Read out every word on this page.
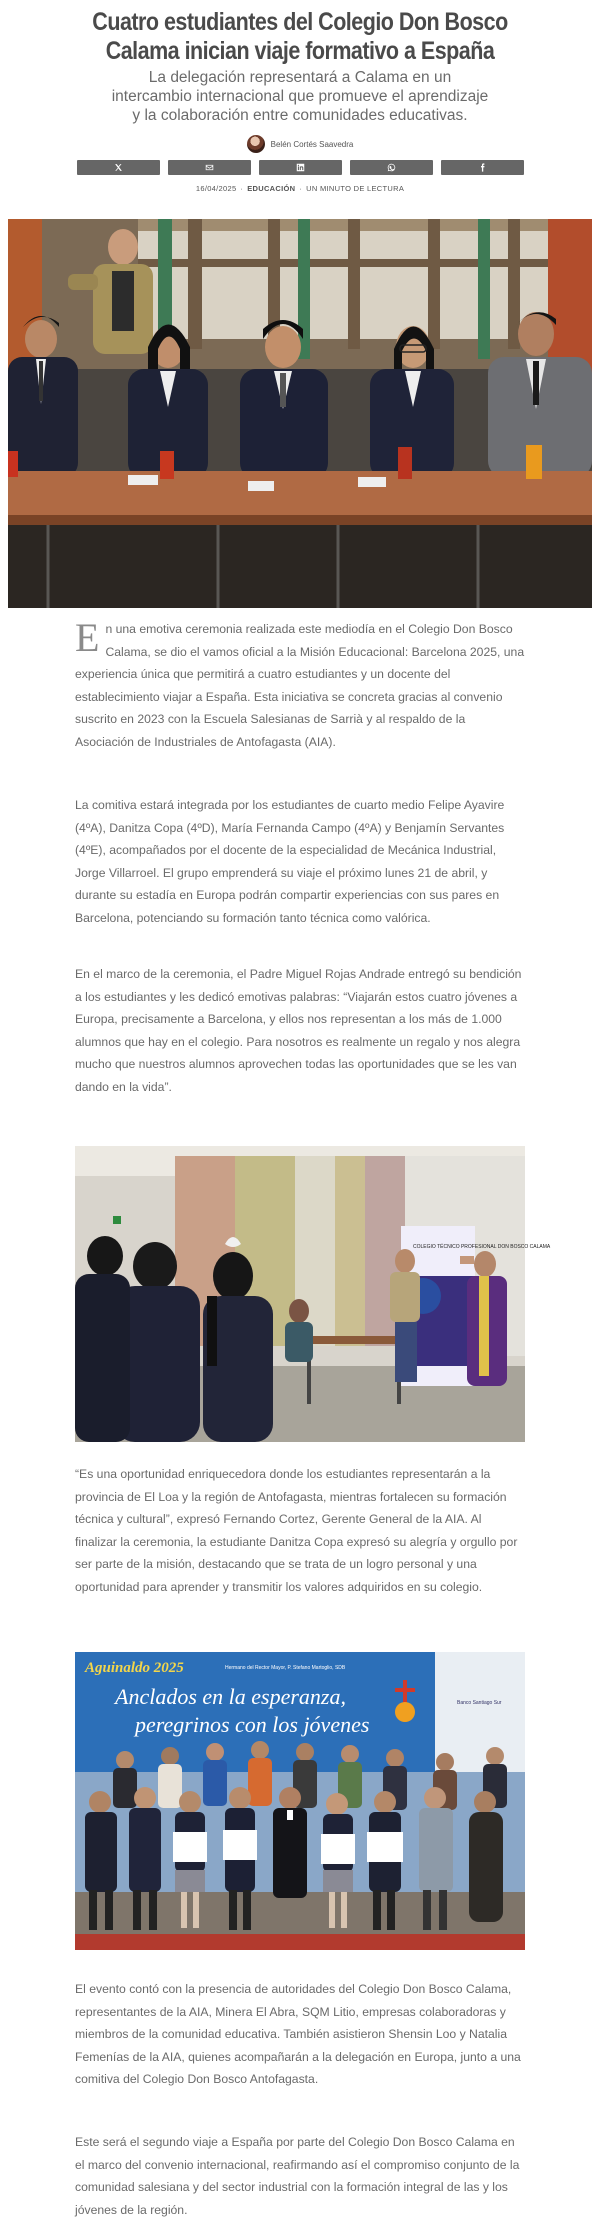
Cuatro estudiantes del Colegio Don Bosco Calama inician viaje formativo a España

La delegación representará a Calama en un intercambio internacional que promueve el aprendizaje y la colaboración entre comunidades educativas.

Belén Cortés Saavedra
16/04/2025 · EDUCACIÓN · UN MINUTO DE LECTURA
En una emotiva ceremonia realizada este mediodía en el Colegio Don Bosco Calama, se dio el vamos oficial a la Misión Educacional: Barcelona 2025, una experiencia única que permitirá a cuatro estudiantes y un docente del establecimiento viajar a España. Esta iniciativa se concreta gracias al convenio suscrito en 2023 con la Escuela Salesianas de Sarrià y al respaldo de la Asociación de Industriales de Antofagasta (AIA).

La comitiva estará integrada por los estudiantes de cuarto medio Felipe Ayavire (4ºA), Danitza Copa (4ºD), María Fernanda Campo (4ºA) y Benjamín Servantes (4ºE), acompañados por el docente de la especialidad de Mecánica Industrial, Jorge Villarroel. El grupo emprenderá su viaje el próximo lunes 21 de abril, y durante su estadía en Europa podrán compartir experiencias con sus pares en Barcelona, potenciando su formación tanto técnica como valórica.

En el marco de la ceremonia, el Padre Miguel Rojas Andrade entregó su bendición a los estudiantes y les dedicó emotivas palabras: “Viajarán estos cuatro jóvenes a Europa, precisamente a Barcelona, y ellos nos representan a los más de 1.000 alumnos que hay en el colegio. Para nosotros es realmente un regalo y nos alegra mucho que nuestros alumnos aprovechen todas las oportunidades que se les van dando en la vida”.

COLEGIO TÉCNICO PROFESIONAL DON BOSCO CALAMA

“Es una oportunidad enriquecedora donde los estudiantes representarán a la provincia de El Loa y la región de Antofagasta, mientras fortalecen su formación técnica y cultural”, expresó Fernando Cortez, Gerente General de la AIA. Al finalizar la ceremonia, la estudiante Danitza Copa expresó su alegría y orgullo por ser parte de la misión, destacando que se trata de un logro personal y una oportunidad para aprender y transmitir los valores adquiridos en su colegio.

Aguinaldo 2025	Hermano del Rector Mayor, P. Stefano Martoglio, SDB
Anclados en la esperanza,
peregrinos con los jóvenes
Banco Santiago Sur

El evento contó con la presencia de autoridades del Colegio Don Bosco Calama, representantes de la AIA, Minera El Abra, SQM Litio, empresas colaboradoras y miembros de la comunidad educativa. También asistieron Shensin Loo y Natalia Femenías de la AIA, quienes acompañarán a la delegación en Europa, junto a una comitiva del Colegio Don Bosco Antofagasta.

Este será el segundo viaje a España por parte del Colegio Don Bosco Calama en el marco del convenio internacional, reafirmando así el compromiso conjunto de la comunidad salesiana y del sector industrial con la formación integral de las y los jóvenes de la región.
